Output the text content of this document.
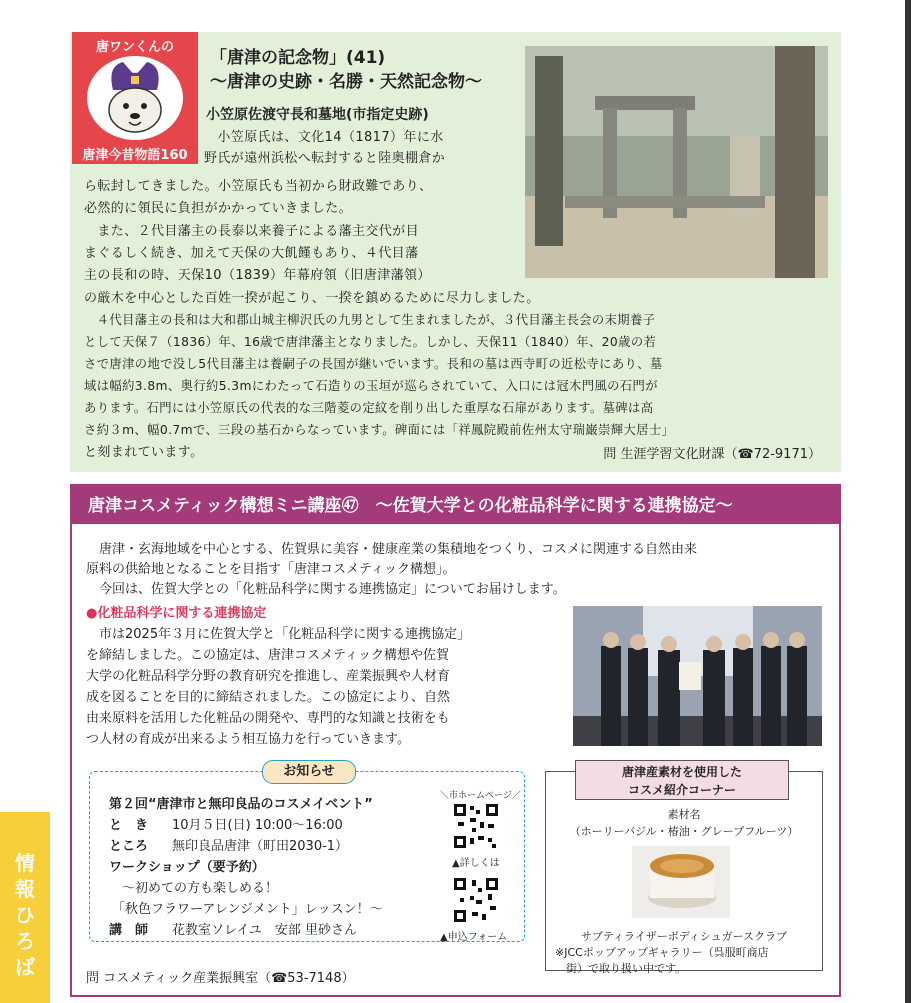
唐ワンくんの
唐津今昔物語160
「唐津の記念物」(41)
～唐津の史跡・名勝・天然記念物～
小笠原佐渡守長和墓地(市指定史跡)
　小笠原氏は、文化14（1817）年に水
野氏が遠州浜松へ転封すると陸奥棚倉か
ら転封してきました。小笠原氏も当初から財政難であり、
必然的に領民に負担がかかっていきました。
　また、２代目藩主の長泰以来養子による藩主交代が目
まぐるしく続き、加えて天保の大飢饉もあり、４代目藩
主の長和の時、天保10（1839）年幕府領（旧唐津藩領）
の厳木を中心とした百姓一揆が起こり、一揆を鎮めるために尽力しました。
　４代目藩主の長和は大和郡山城主柳沢氏の九男として生まれましたが、３代目藩主長会の末期養子
として天保７（1836）年、16歳で唐津藩主となりました。しかし、天保11（1840）年、20歳の若
さで唐津の地で没し5代目藩主は養嗣子の長国が継いでいます。長和の墓は西寺町の近松寺にあり、墓
域は幅約3.8m、奥行約5.3mにわたって石造りの玉垣が巡らされていて、入口には冠木門風の石門が
あります。石門には小笠原氏の代表的な三階菱の定紋を削り出した重厚な石扉があります。墓碑は高
さ約３m、幅0.7mで、三段の基石からなっています。碑面には「祥鳳院殿前佐州太守瑞巌崇輝大居士」
と刻まれています。	問 生涯学習文化財課（☎72-9171）
唐津コスメティック構想ミニ講座㊼　～佐賀大学との化粧品科学に関する連携協定～
　唐津・玄海地域を中心とする、佐賀県に美容・健康産業の集積地をつくり、コスメに関連する自然由来
原料の供給地となることを目指す「唐津コスメティック構想」。
　今回は、佐賀大学との「化粧品科学に関する連携協定」についてお届けします。
●化粧品科学に関する連携協定
　市は2025年３月に佐賀大学と「化粧品科学に関する連携協定」
を締結しました。この協定は、唐津コスメティック構想や佐賀
大学の化粧品科学分野の教育研究を推進し、産業振興や人材育
成を図ることを目的に締結されました。この協定により、自然
由来原料を活用した化粧品の開発や、専門的な知識と技術をも
つ人材の育成が出来るよう相互協力を行っていきます。
お知らせ
第２回“唐津市と無印良品のコスメイベント”
と　き 10月５日(日) 10:00～16:00
ところ 無印良品唐津（町田2030-1）
ワークショップ（要予約）
　～初めての方も楽しめる！
「秋色フラワーアレンジメント」レッスン！～
講　師 花教室ソレイユ　安部 里砂さん
＼市ホームページ／
▲詳しくは
▲申込フォーム
唐津産素材を使用した
コスメ紹介コーナー
素材名
（ホーリーバジル・椿油・グレープフルーツ）
サブティライザーボディシュガースクラブ
※JCCポップアップギャラリー（呉服町商店
街）で取り扱い中です。
問 コスメティック産業振興室（☎53-7148）
情報ひろば
